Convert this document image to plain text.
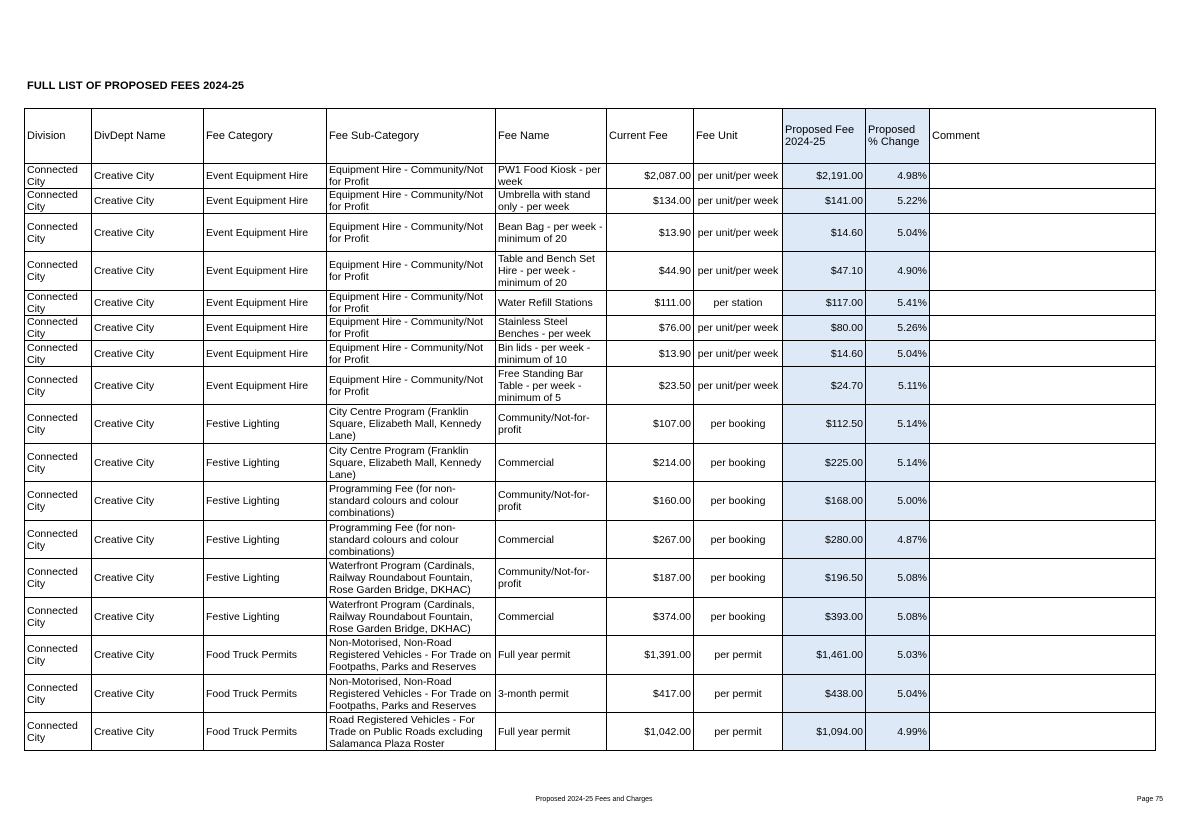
FULL LIST OF PROPOSED FEES 2024-25
Division	DivDept Name	Fee Category	Fee Sub-Category	Fee Name	Current Fee	Fee Unit	Proposed Fee 2024-25	Proposed % Change	Comment
Connected City	Creative City	Event Equipment Hire	Equipment Hire - Community/Not for Profit	PW1 Food Kiosk - per week	$2,087.00	per unit/per week	$2,191.00	4.98%	
Connected City	Creative City	Event Equipment Hire	Equipment Hire - Community/Not for Profit	Umbrella with stand only - per week	$134.00	per unit/per week	$141.00	5.22%	
Connected City	Creative City	Event Equipment Hire	Equipment Hire - Community/Not for Profit	Bean Bag - per week - minimum of 20	$13.90	per unit/per week	$14.60	5.04%	
Connected City	Creative City	Event Equipment Hire	Equipment Hire - Community/Not for Profit	Table and Bench Set Hire - per week - minimum of 20	$44.90	per unit/per week	$47.10	4.90%	
Connected City	Creative City	Event Equipment Hire	Equipment Hire - Community/Not for Profit	Water Refill Stations	$111.00	per station	$117.00	5.41%	
Connected City	Creative City	Event Equipment Hire	Equipment Hire - Community/Not for Profit	Stainless Steel Benches - per week	$76.00	per unit/per week	$80.00	5.26%	
Connected City	Creative City	Event Equipment Hire	Equipment Hire - Community/Not for Profit	Bin lids - per week - minimum of 10	$13.90	per unit/per week	$14.60	5.04%	
Connected City	Creative City	Event Equipment Hire	Equipment Hire - Community/Not for Profit	Free Standing Bar Table - per week - minimum of 5	$23.50	per unit/per week	$24.70	5.11%	
Connected City	Creative City	Festive Lighting	City Centre Program (Franklin Square, Elizabeth Mall, Kennedy Lane)	Community/Not-for-profit	$107.00	per booking	$112.50	5.14%	
Connected City	Creative City	Festive Lighting	City Centre Program (Franklin Square, Elizabeth Mall, Kennedy Lane)	Commercial	$214.00	per booking	$225.00	5.14%	
Connected City	Creative City	Festive Lighting	Programming Fee (for non-standard colours and colour combinations)	Community/Not-for-profit	$160.00	per booking	$168.00	5.00%	
Connected City	Creative City	Festive Lighting	Programming Fee (for non-standard colours and colour combinations)	Commercial	$267.00	per booking	$280.00	4.87%	
Connected City	Creative City	Festive Lighting	Waterfront Program (Cardinals, Railway Roundabout Fountain, Rose Garden Bridge, DKHAC)	Community/Not-for-profit	$187.00	per booking	$196.50	5.08%	
Connected City	Creative City	Festive Lighting	Waterfront Program (Cardinals, Railway Roundabout Fountain, Rose Garden Bridge, DKHAC)	Commercial	$374.00	per booking	$393.00	5.08%	
Connected City	Creative City	Food Truck Permits	Non-Motorised, Non-Road Registered Vehicles - For Trade on Footpaths, Parks and Reserves	Full year permit	$1,391.00	per permit	$1,461.00	5.03%	
Connected City	Creative City	Food Truck Permits	Non-Motorised, Non-Road Registered Vehicles - For Trade on Footpaths, Parks and Reserves	3-month permit	$417.00	per permit	$438.00	5.04%	
Connected City	Creative City	Food Truck Permits	Road Registered Vehicles - For Trade on Public Roads excluding Salamanca Plaza Roster	Full year permit	$1,042.00	per permit	$1,094.00	4.99%	
Proposed 2024-25 Fees and Charges	Page 75
